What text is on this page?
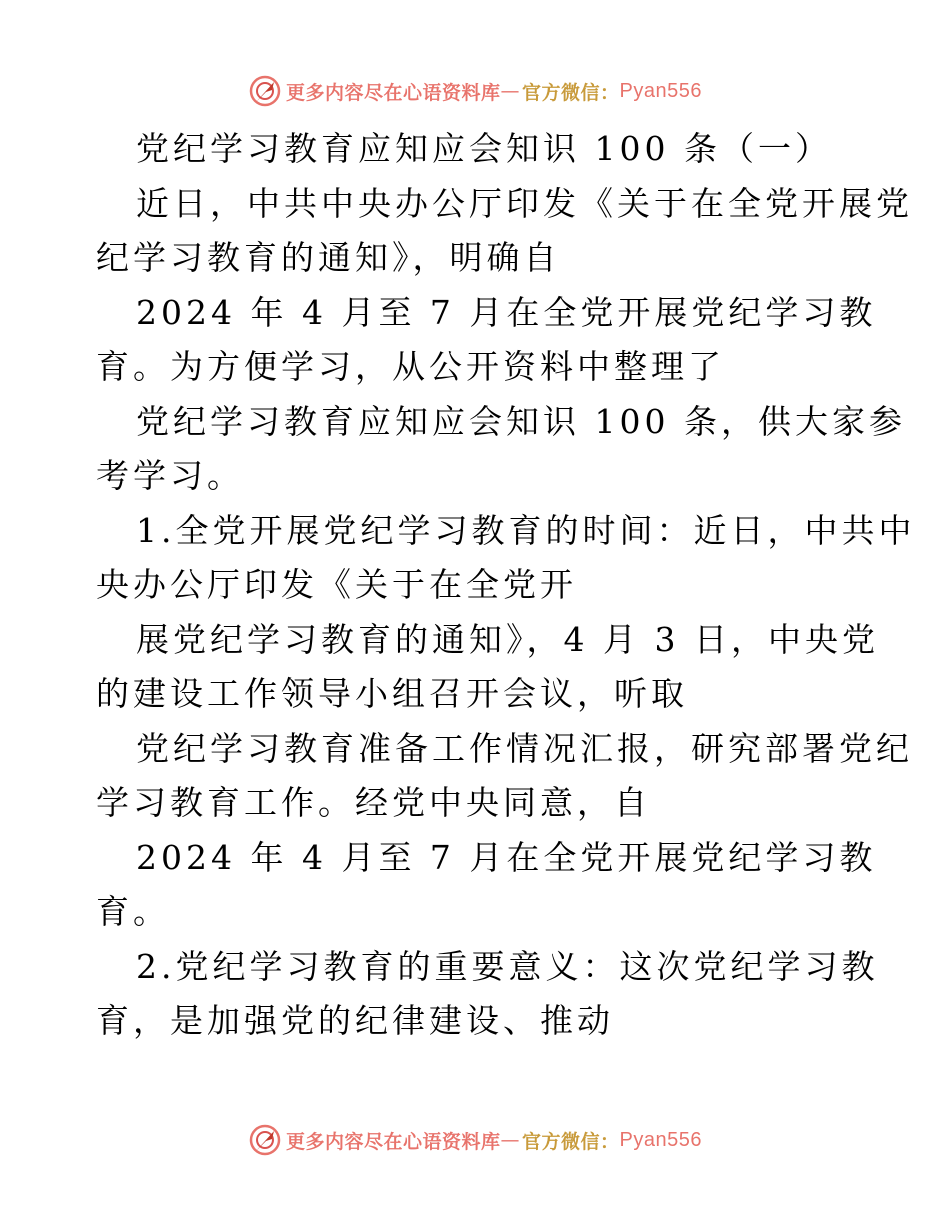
更多内容尽在心语资料库 — 官方微信： Pyan556
党纪学习教育应知应会知识 100 条（一）
近日，中共中央办公厅印发《关于在全党开展党
纪学习教育的通知》，明确自
2024 年 4 月至 7 月在全党开展党纪学习教
育。为方便学习，从公开资料中整理了
党纪学习教育应知应会知识 100 条，供大家参
考学习。
1.全党开展党纪学习教育的时间：近日，中共中
央办公厅印发《关于在全党开
展党纪学习教育的通知》，4 月 3 日，中央党
的建设工作领导小组召开会议，听取
党纪学习教育准备工作情况汇报，研究部署党纪
学习教育工作。经党中央同意，自
2024 年 4 月至 7 月在全党开展党纪学习教
育。
2.党纪学习教育的重要意义：这次党纪学习教
育，是加强党的纪律建设、推动
更多内容尽在心语资料库 — 官方微信： Pyan556
